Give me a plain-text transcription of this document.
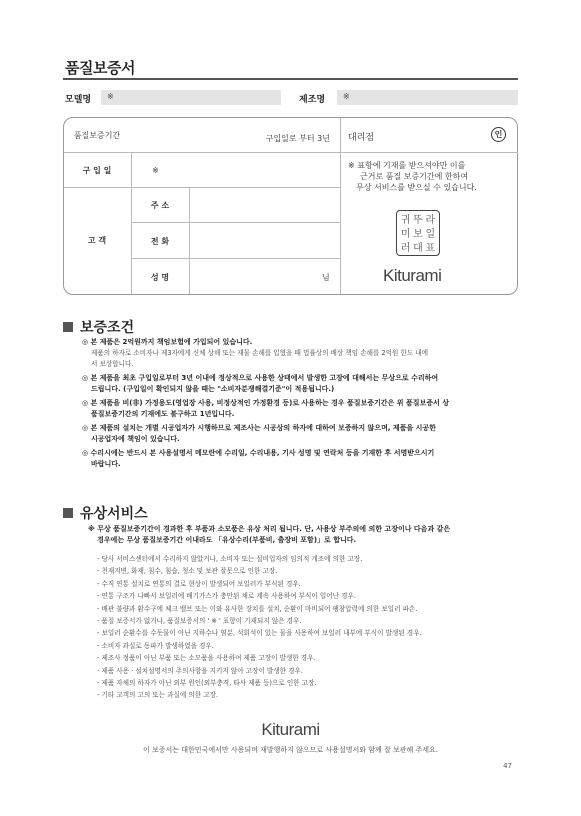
품질보증서
모델명	※	제조명	※
품질보증기간	구입일로 부터 3년 대리점	인
구 입 일	※
고 객
주 소
전 화
성 명	님
※ 표항에 기재를 받으셔야만 이를
근거로 품질 보증기간에 한하여
무상 서비스를 받으실 수 있습니다.
귀 뚜 라
미 보 일
러 대 표
Kiturami
보증조건
◎ 본 제품은 2억원까지 책임보험에 가입되어 있습니다.
제품의 하자로 소비자나 제3자에게 신체 상해 또는 재물 손해를 입혔을 때 법률상의 배상 책임 손해를 2억원 한도 내에
서 보상합니다.
◎ 본 제품을 최초 구입일로부터 3년 이내에 정상적으로 사용한 상태에서 발생한 고장에 대해서는 무상으로 수리하여
드립니다. (구입일이 확인되지 않을 때는 "소비자분쟁해결기준"이 적용됩니다.)
◎ 본 제품을 비(非) 가정용도(영업장 사용, 비정상적인 가정환경 등)로 사용하는 경우 품질보증기간은 위 품질보증서 상
품질보증기간의 기재에도 불구하고 1년입니다.
◎ 본 제품의 설치는 개별 시공업자가 시행하므로 제조사는 시공상의 하자에 대하여 보증하지 않으며, 제품을 시공한
시공업자에 책임이 있습니다.
◎ 수리시에는 반드시 본 사용설명서 메모란에 수리일, 수리내용, 기사 성명 및 연락처 등을 기재한 후 서명받으시기
바랍니다.
유상서비스
※ 무상 품질보증기간이 경과한 후 부품과 소모품은 유상 처리 됩니다. 단, 사용상 부주의에 의한 고장이나 다음과 같은
경우에는 무상 품질보증기간 이내라도 「유상수리(부품비, 출장비 포함)」로 합니다.
- 당사 서비스센터에서 수리하지 않았거나, 소비자 또는 설비업자의 임의적 개조에 의한 고장.
- 천재지변, 화재, 침수, 침습, 청소 및 보관 잘못으로 인한 고장.
- 수직 연통 설치로 연통의 결로 현상이 발생되어 보일러가 부식된 경우.
- 연통 구조가 나빠서 보일러에 배기가스가 충만된 채로 계속 사용하여 부식이 일어난 경우.
- 배관 불량과 환수구에 체크 밸브 또는 이와 유사한 장치를 설치, 순환이 마비되어 팽창압력에 의한 보일러 파손.
- 품질 보증서가 없거나, 품질보증서의 ' ※ ' 표항이 기재되지 않은 경우.
- 보일러 순환수를 수돗물이 아닌 지하수나 염분, 석회석이 있는 물을 사용하여 보일러 내부에 부식이 발생된 경우.
- 소비자 과실로 동파가 발생하였을 경우.
- 제조사 정품이 아닌 부품 또는 소모품을 사용하여 제품 고장이 발생한 경우.
- 제품 사용ㆍ설치설명서의 주의사항을 지키지 않아 고장이 발생한 경우.
- 제품 자체의 하자가 아닌 외부 원인(외부충격, 타사 제품 등)으로 인한 고장.
- 기타 고객의 고의 또는 과실에 의한 고장.
Kiturami
이 보증서는 대한민국에서만 사용되며 재발행하지 않으므로 사용설명서와 함께 잘 보관해 주세요.
47
